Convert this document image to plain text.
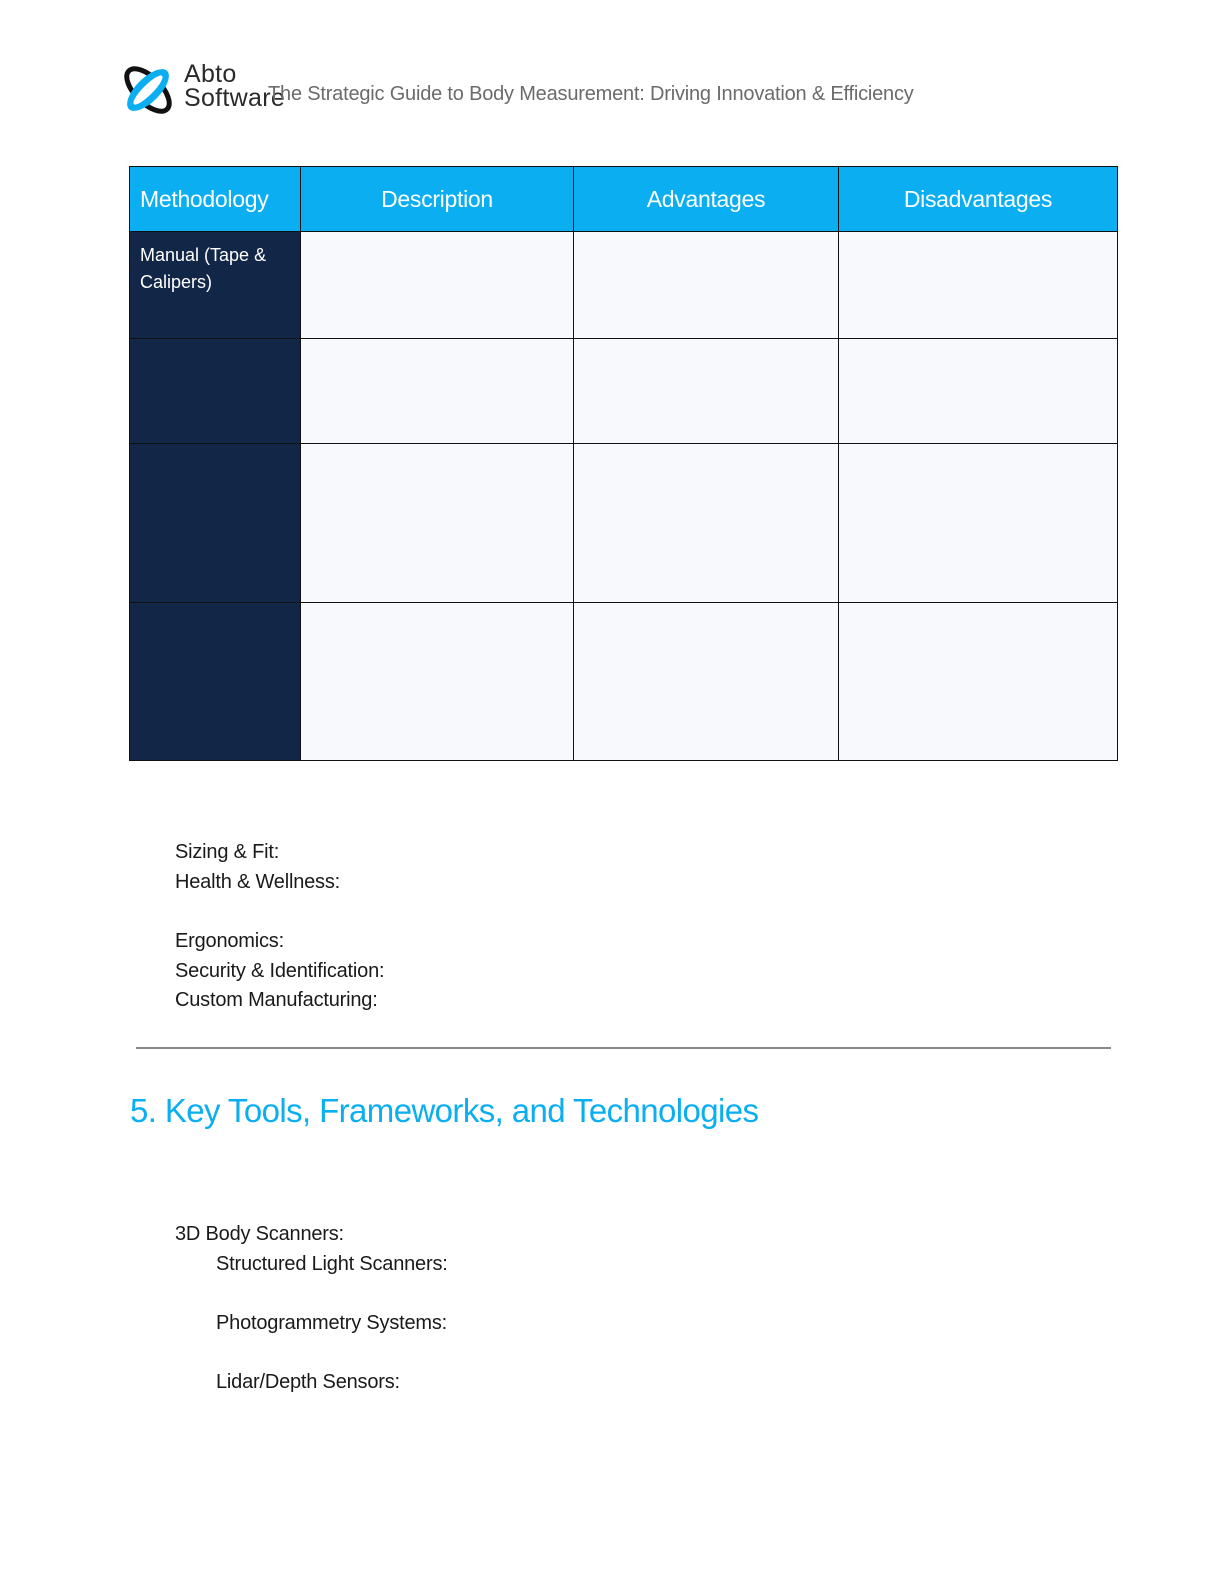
Abto
Software
The Strategic Guide to Body Measurement: Driving Innovation & Efficiency
Methodology	Description	Advantages	Disadvantages
Manual (Tape & Calipers)			

Sizing & Fit:
Health & Wellness:
Ergonomics:
Security & Identification:
Custom Manufacturing:
5. Key Tools, Frameworks, and Technologies
3D Body Scanners:
Structured Light Scanners:
Photogrammetry Systems:
Lidar/Depth Sensors:
